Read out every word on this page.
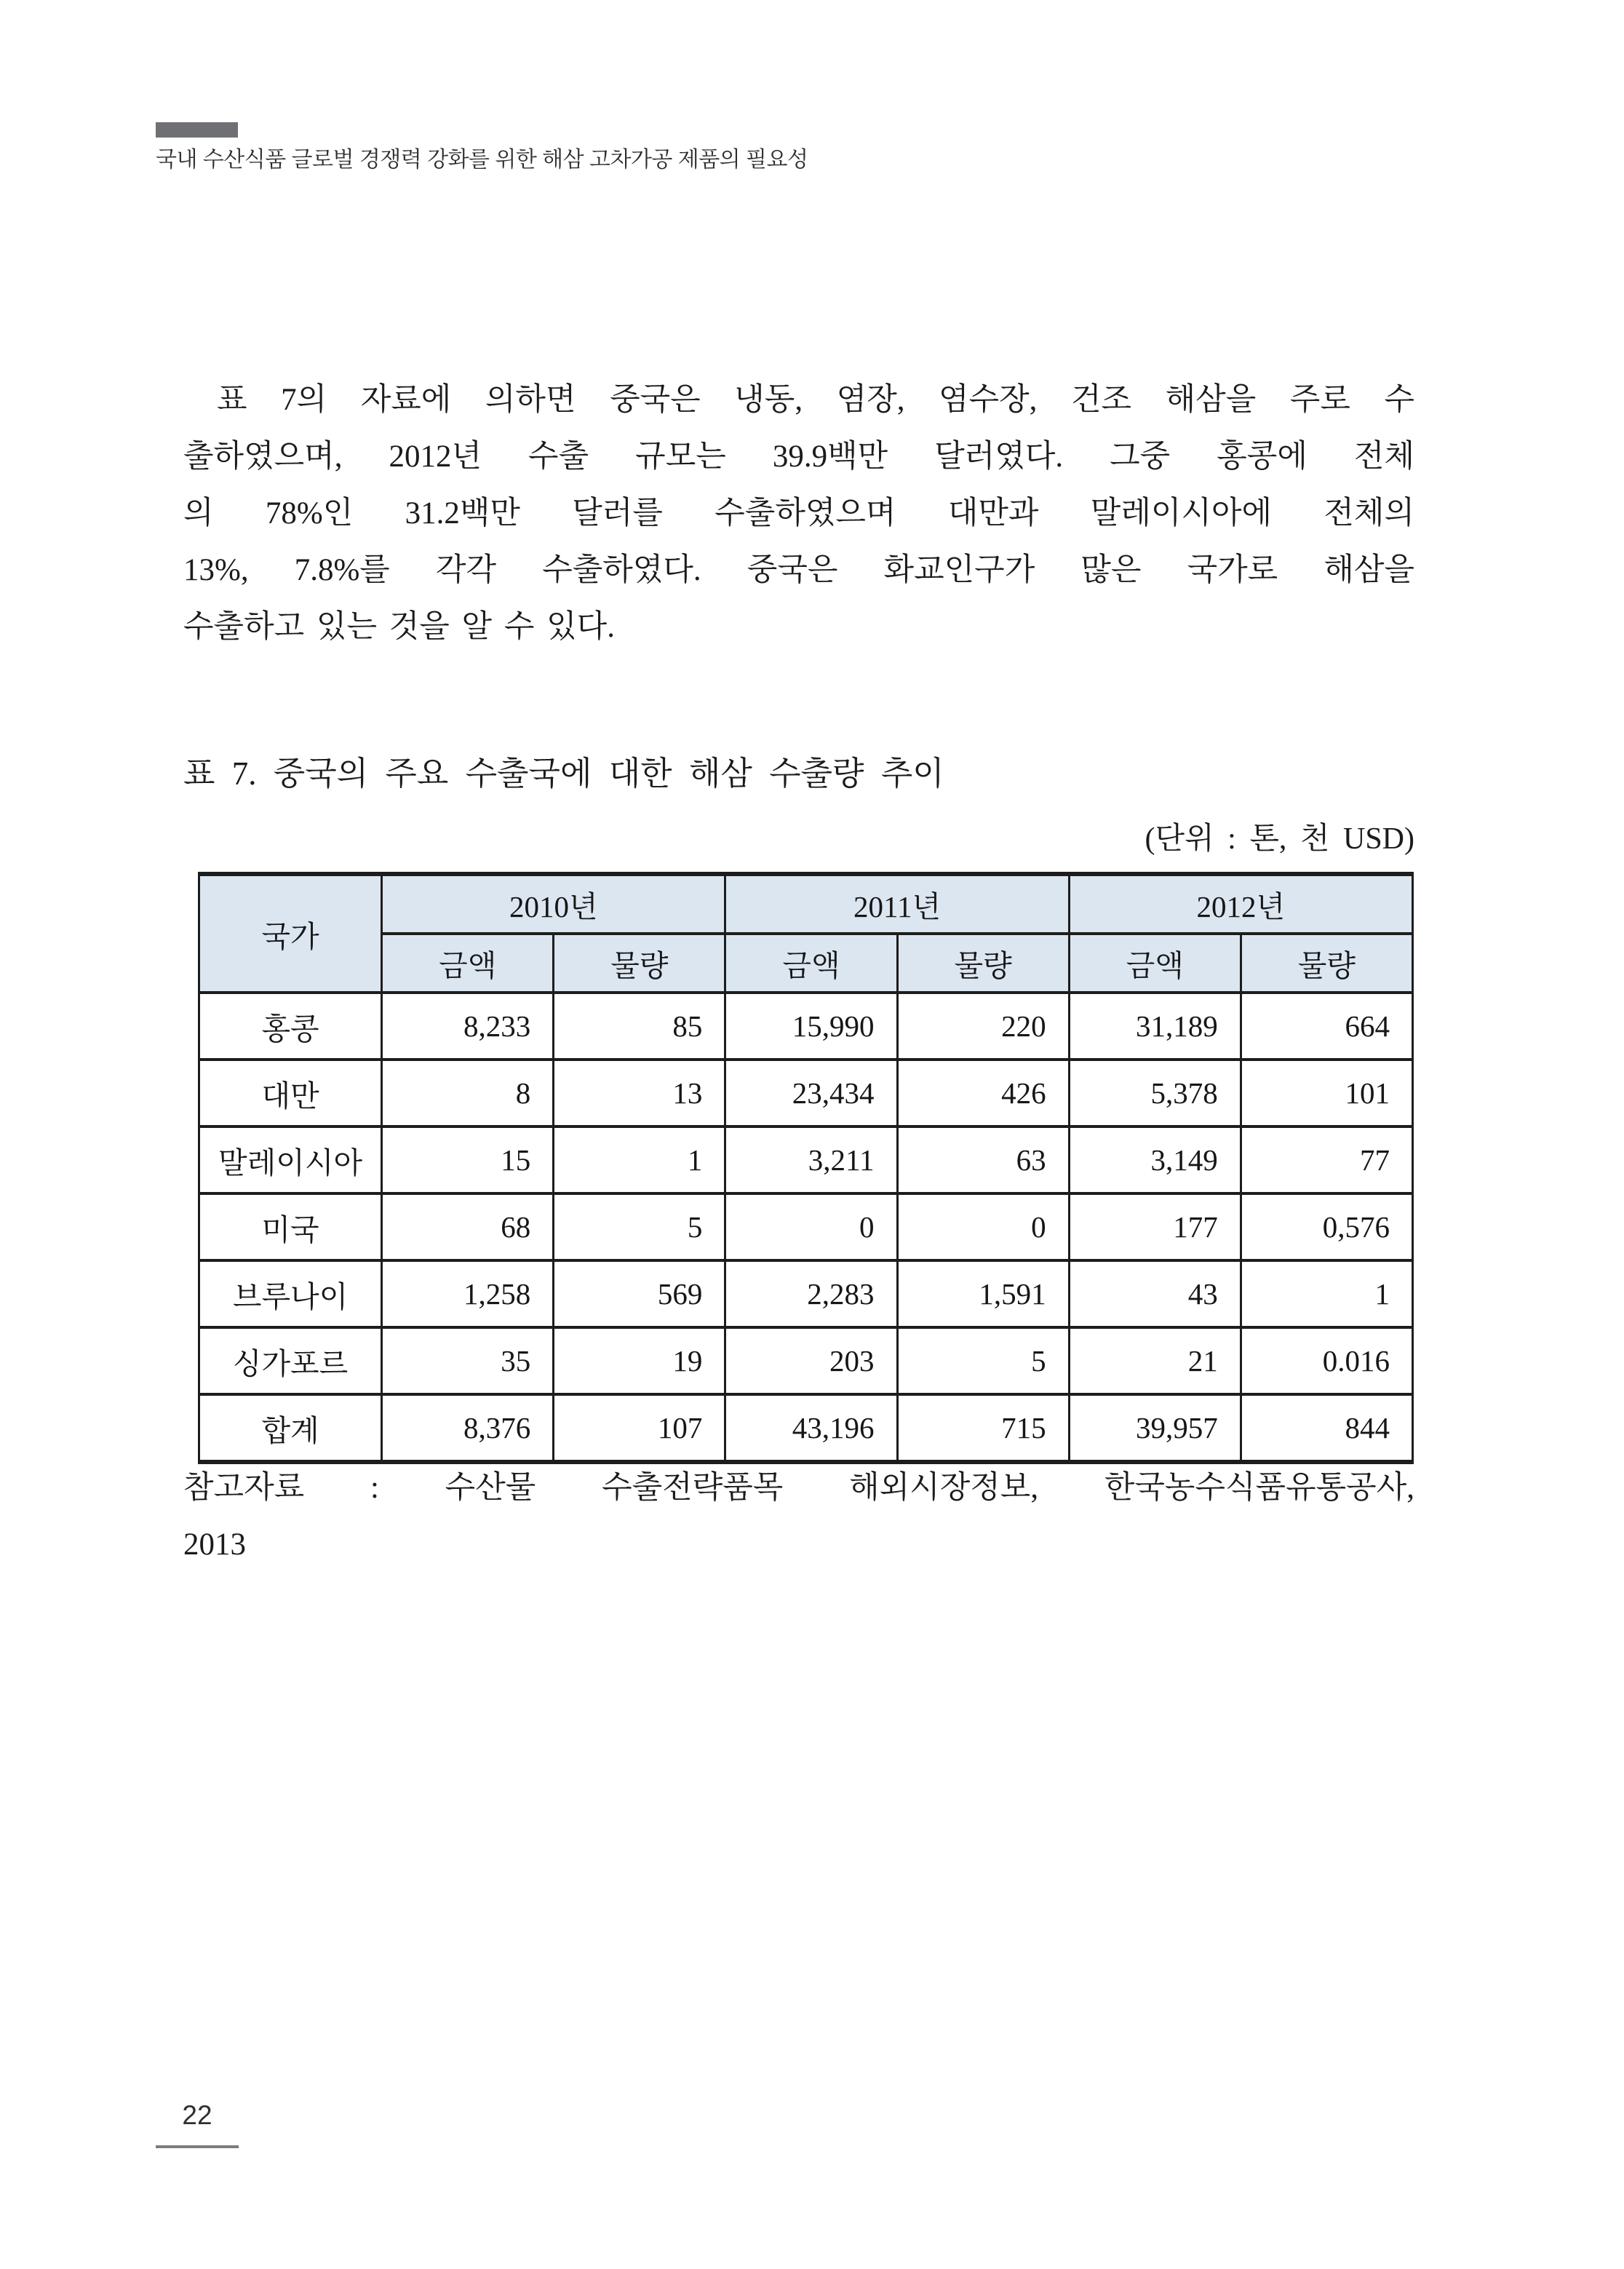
국내 수산식품 글로벌 경쟁력 강화를 위한 해삼 고차가공 제품의 필요성
표 7의 자료에 의하면 중국은 냉동, 염장, 염수장, 건조 해삼을 주로 수
출하였으며, 2012년 수출 규모는 39.9백만 달러였다. 그중 홍콩에 전체
의 78%인 31.2백만 달러를 수출하였으며 대만과 말레이시아에 전체의
13%, 7.8%를 각각 수출하였다. 중국은 화교인구가 많은 국가로 해삼을
수출하고 있는 것을 알 수 있다.
표 7. 중국의 주요 수출국에 대한 해삼 수출량 추이
(단위 : 톤, 천 USD)
국가	2010년		2011년		2012년	
	금액	물량	금액	물량	금액	물량
홍콩	8,233	85	15,990	220	31,189	664
대만	8	13	23,434	426	5,378	101
말레이시아	15	1	3,211	63	3,149	77
미국	68	5	0	0	177	0,576
브루나이	1,258	569	2,283	1,591	43	1
싱가포르	35	19	203	5	21	0.016
합계	8,376	107	43,196	715	39,957	844
참고자료 : 수산물 수출전략품목 해외시장정보, 한국농수식품유통공사,
2013
22
